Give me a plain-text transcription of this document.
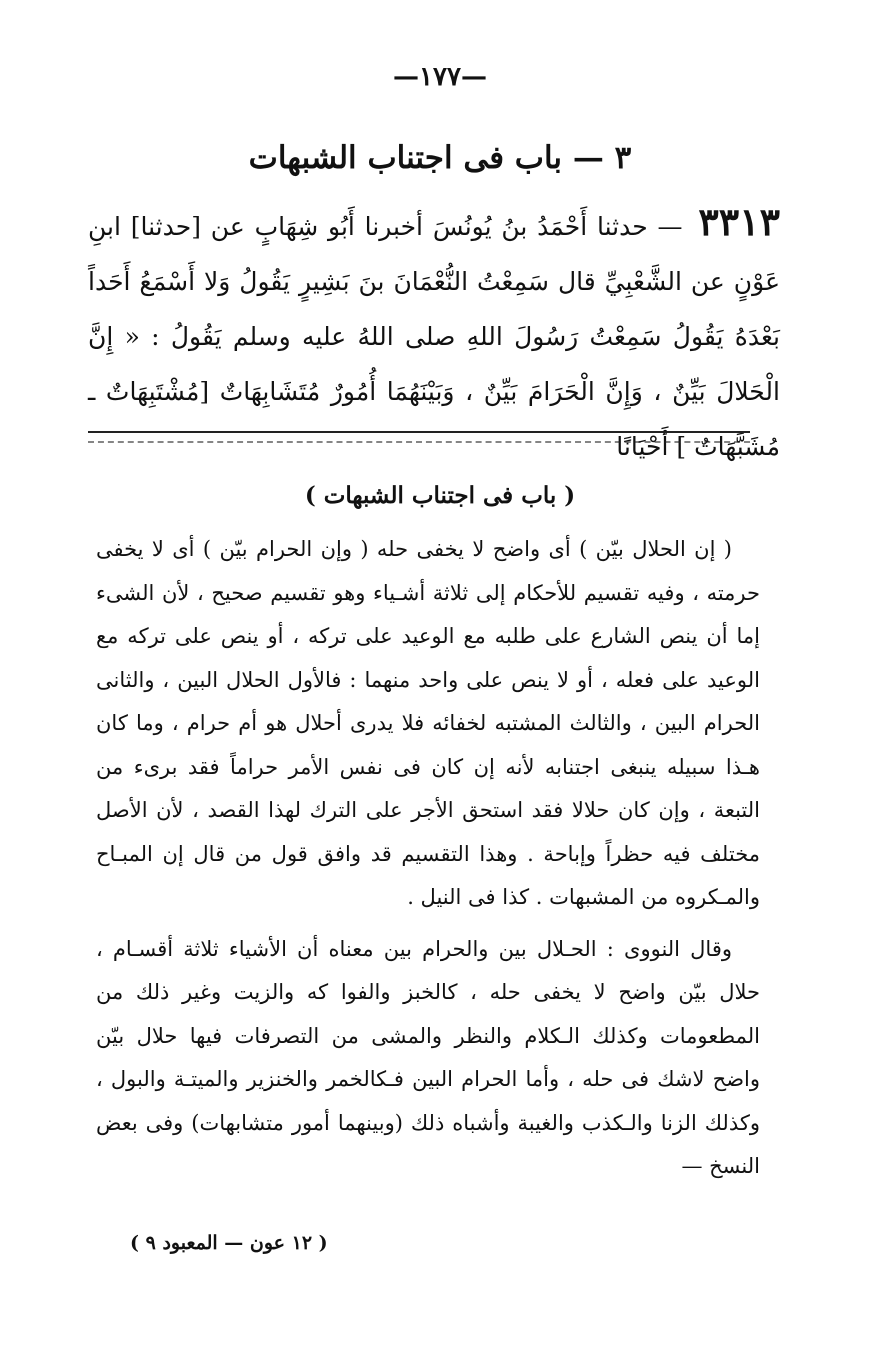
—١٧٧—
٣ — باب فى اجتناب الشبهات
٣٣١٣ — حدثنا أَحْمَدُ بنُ يُونُسَ أخبرنا أَبُو شِهَابٍ عن [حدثنا] ابنِ عَوْنٍ عن الشَّعْبِيِّ قال سَمِعْتُ النُّعْمَانَ بنَ بَشِيرٍ يَقُولُ وَلا أَسْمَعُ أَحَداً بَعْدَهُ يَقُولُ سَمِعْتُ رَسُولَ اللهِ صلى اللهُ عليه وسلم يَقُولُ : « إِنَّ الْحَلالَ بَيِّنٌ ، وَإِنَّ الْحَرَامَ بَيِّنٌ ، وَبَيْنَهُمَا أُمُورٌ مُتَشَابِهَاتٌ [مُشْتَبِهَاتٌ ـ مُشَبَّهَاتٌ ] أَحْيَانًا
( باب فى اجتناب الشبهات )

( إن الحلال بيّن ) أى واضح لا يخفى حله ( وإن الحرام بيّن ) أى لا يخفى حرمته ، وفيه تقسيم للأحكام إلى ثلاثة أشـياء وهو تقسيم صحيح ، لأن الشىء إما أن ينص الشارع على طلبه مع الوعيد على تركه ، أو ينص على تركه مع الوعيد على فعله ، أو لا ينص على واحد منهما : فالأول الحلال البين ، والثانى الحرام البين ، والثالث المشتبه لخفائه فلا يدرى أحلال هو أم حرام ، وما كان هـذا سبيله ينبغى اجتنابه لأنه إن كان فى نفس الأمر حراماً فقد برىء من التبعة ، وإن كان حلالا فقد استحق الأجر على الترك لهذا القصد ، لأن الأصل مختلف فيه حظراً وإباحة . وهذا التقسيم قد وافق قول من قال إن المبـاح والمـكروه من المشبهات . كذا فى النيل .

وقال النووى : الحـلال بين والحرام بين معناه أن الأشياء ثلاثة أقسـام ، حلال بيّن واضح لا يخفى حله ، كالخبز والفوا كه والزيت وغير ذلك من المطعومات وكذلك الـكلام والنظر والمشى من التصرفات فيها حلال بيّن واضح لاشك فى حله ، وأما الحرام البين فـكالخمر والخنزير والميتـة والبول ، وكذلك الزنا والـكذب والغيبة وأشباه ذلك (وبينهما أمور متشابهات) وفى بعض النسخ —

( ١٢ عون — المعبود ٩ )
